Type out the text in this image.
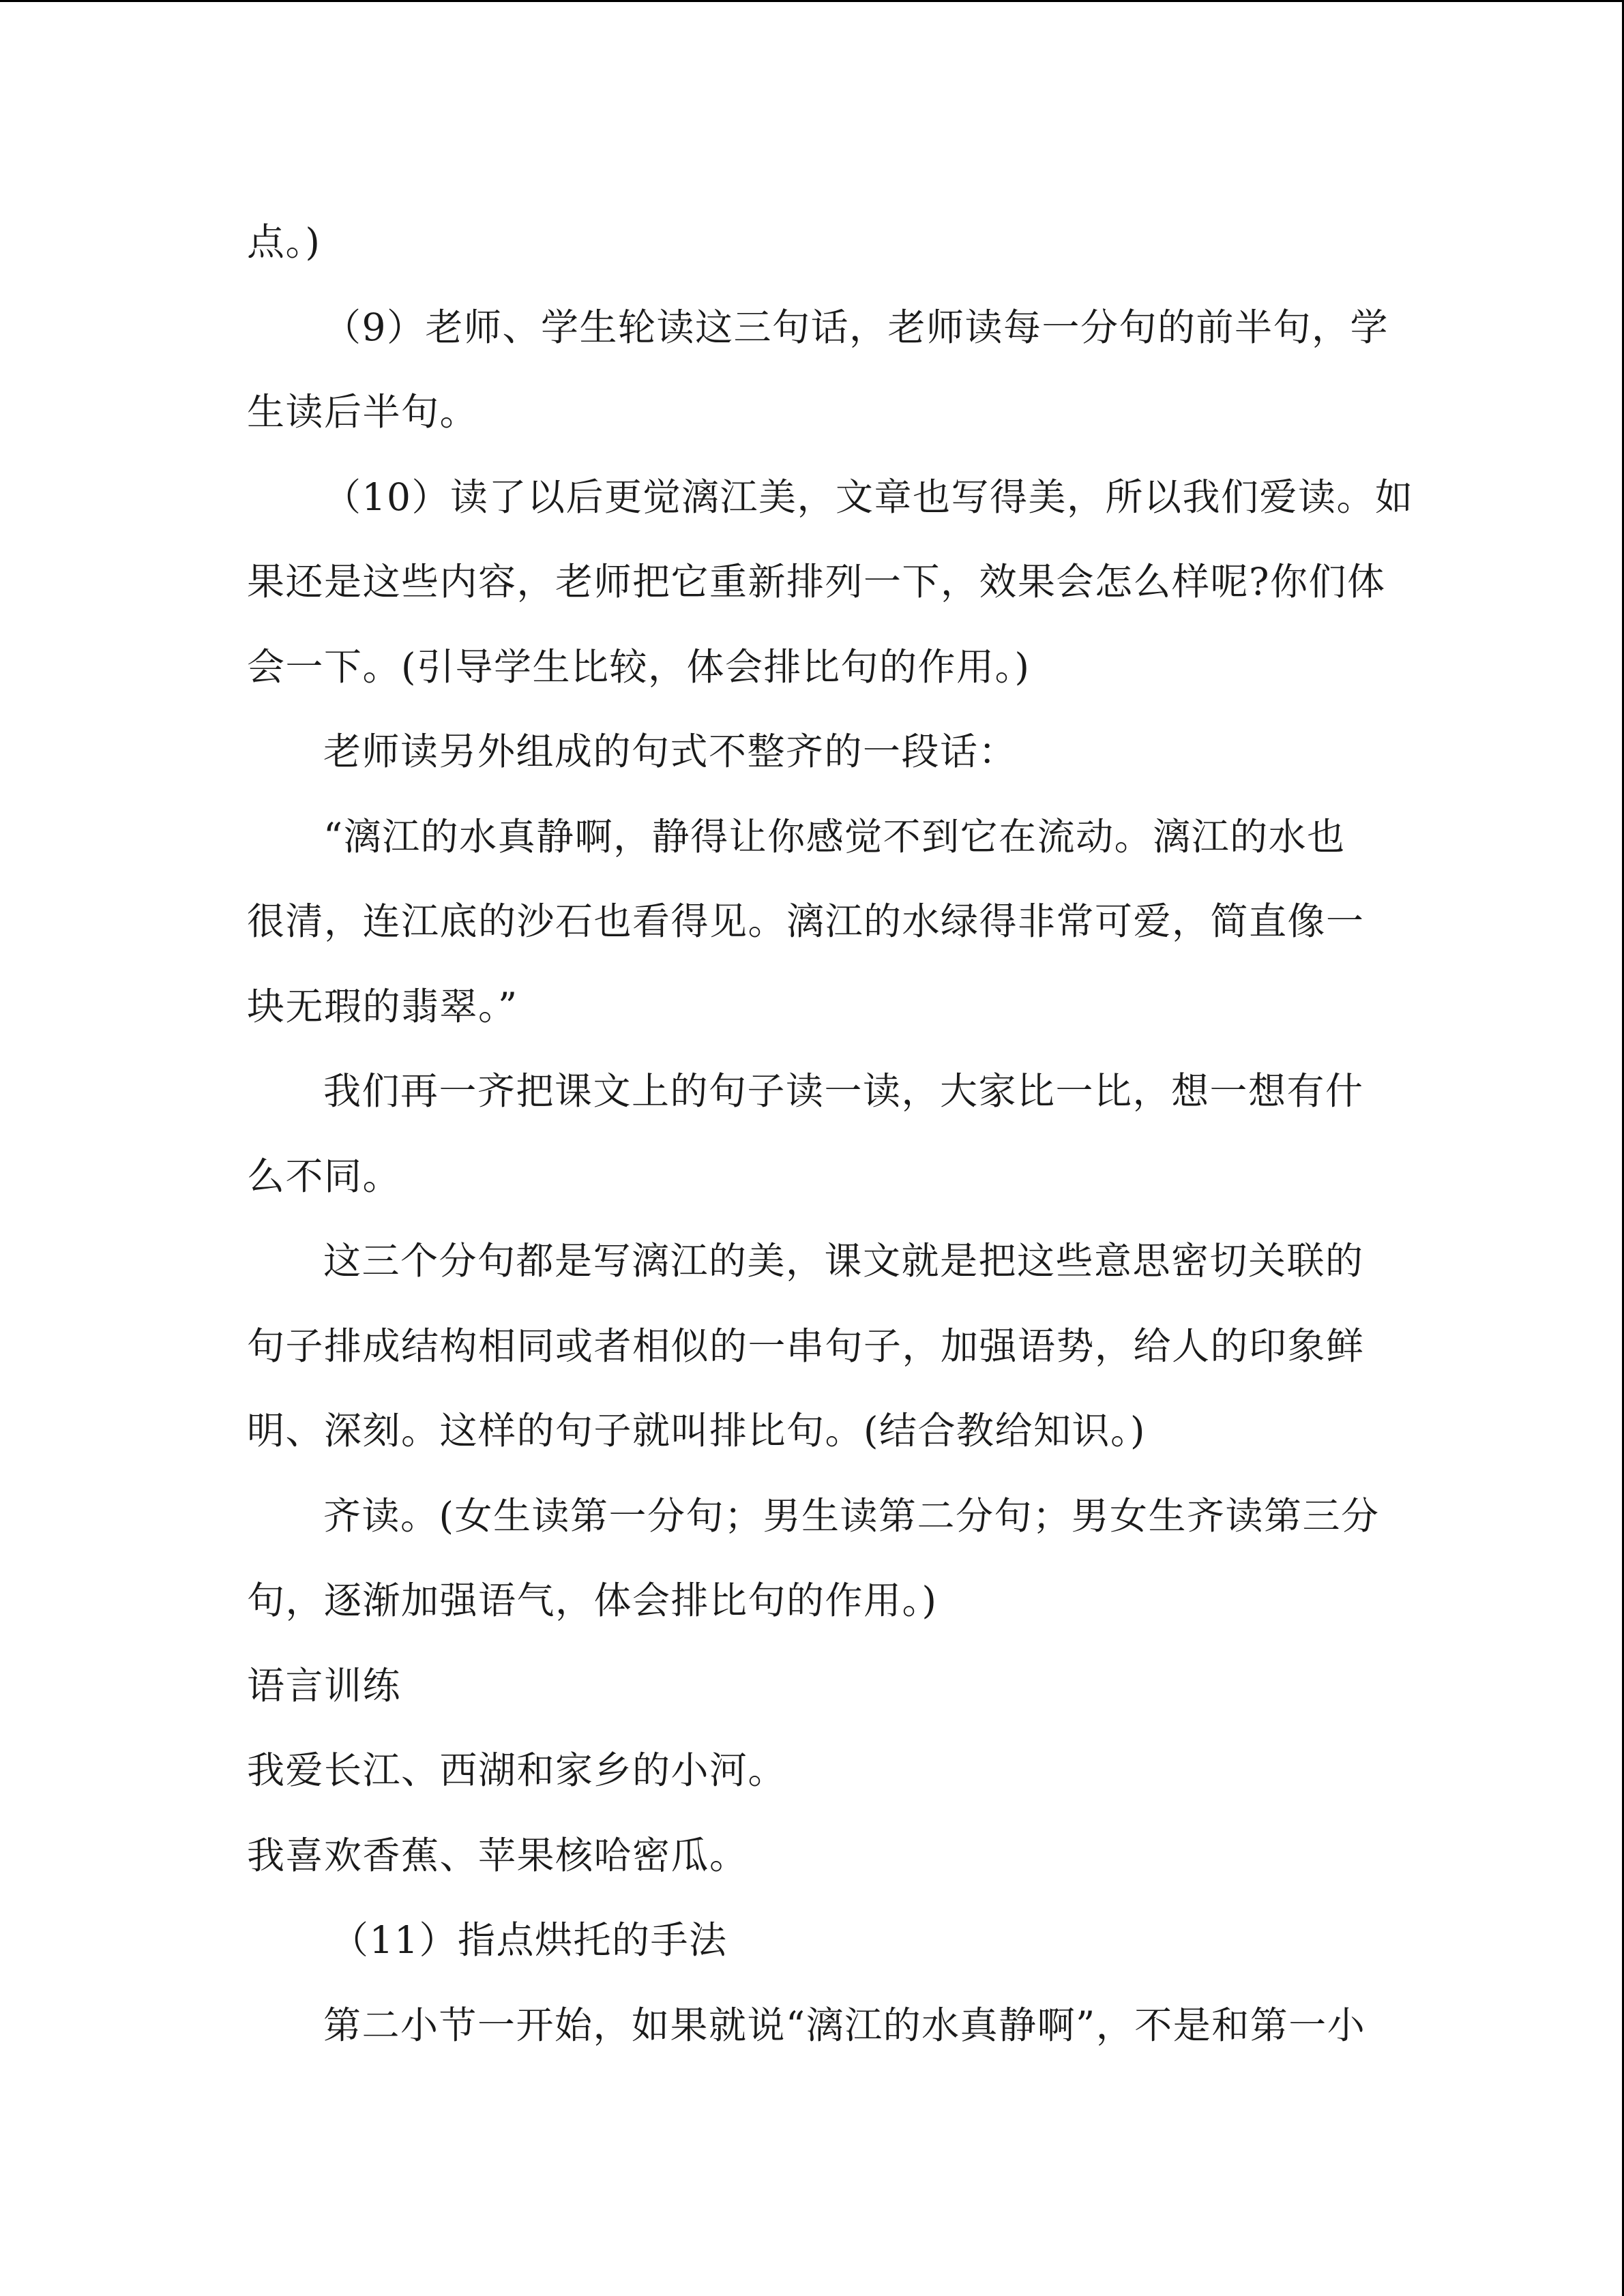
点。)
（9）老师、学生轮读这三句话，老师读每一分句的前半句，学
生读后半句。
（10）读了以后更觉漓江美，文章也写得美，所以我们爱读。如
果还是这些内容，老师把它重新排列一下，效果会怎么样呢?你们体
会一下。(引导学生比较，体会排比句的作用。)
老师读另外组成的句式不整齐的一段话：
“漓江的水真静啊，静得让你感觉不到它在流动。漓江的水也
很清，连江底的沙石也看得见。漓江的水绿得非常可爱，简直像一
块无瑕的翡翠。”
我们再一齐把课文上的句子读一读，大家比一比，想一想有什
么不同。
这三个分句都是写漓江的美，课文就是把这些意思密切关联的
句子排成结构相同或者相似的一串句子，加强语势，给人的印象鲜
明、深刻。这样的句子就叫排比句。(结合教给知识。)
齐读。(女生读第一分句；男生读第二分句；男女生齐读第三分
句，逐渐加强语气，体会排比句的作用。)
语言训练
我爱长江、西湖和家乡的小河。
我喜欢香蕉、苹果核哈密瓜。
（11）指点烘托的手法
第二小节一开始，如果就说“漓江的水真静啊”，不是和第一小
